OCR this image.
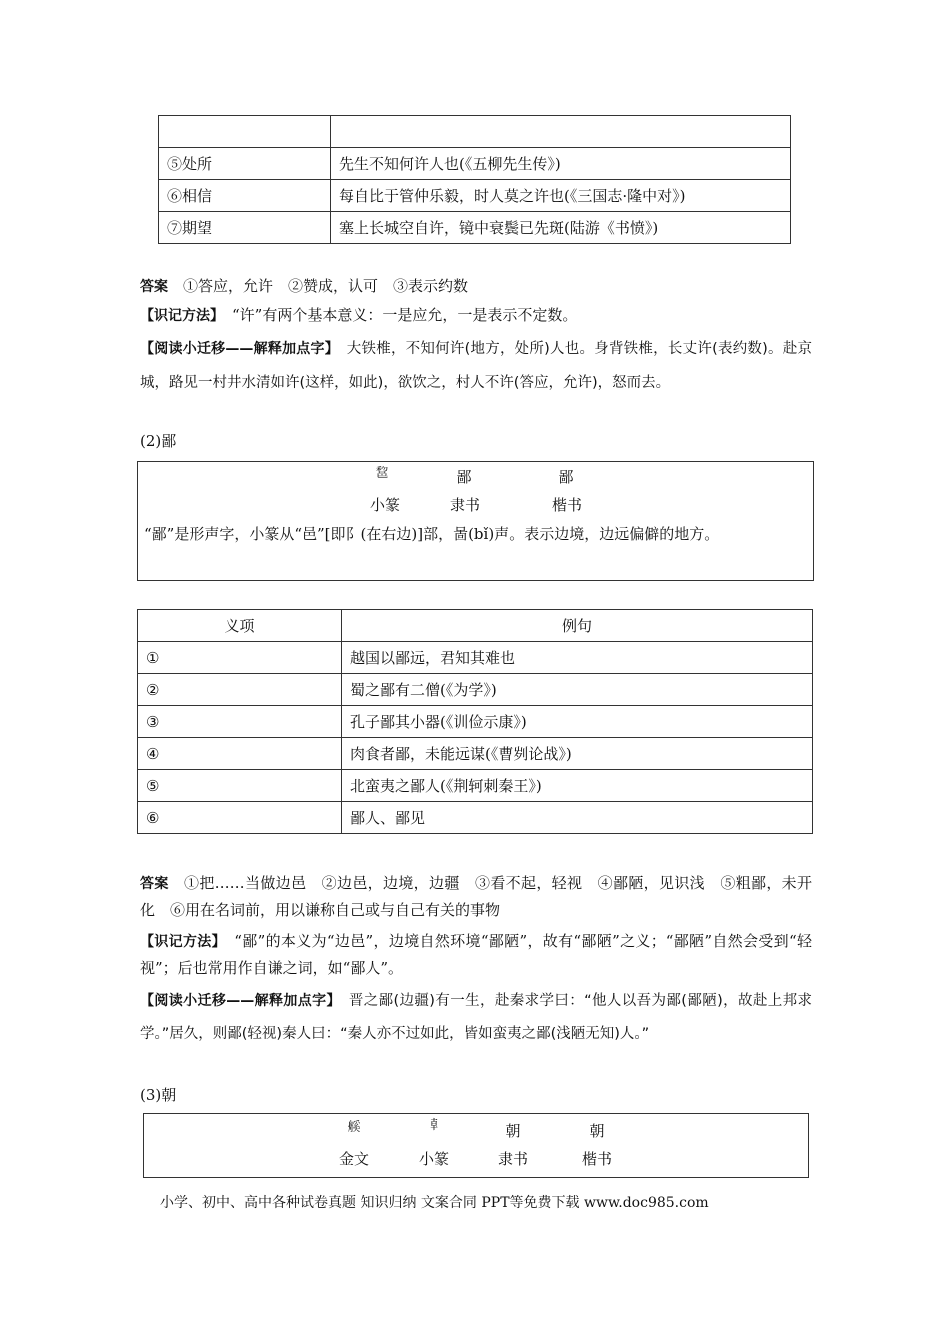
⑤处所	先生不知何许人也(《五柳先生传》)
⑥相信	每自比于管仲乐毅，时人莫之许也(《三国志·隆中对》)
⑦期望	塞上长城空自许，镜中衰鬓已先斑(陆游《书愤》)
答案　 ①答应，允许　②赞成，认可　③表示约数
【识记方法】　 “许”有两个基本意义：一是应允，一是表示不定数。
【阅读小迁移——解释加点字】　 大铁椎，不知何许(地方，处所)人也。身背铁椎，长丈许(表约数)。赴京城，路见一村井水清如许(这样，如此)，欲饮之，村人不许(答应，允许)，怒而去。
(2)鄙
𨛫	鄙	鄙
小篆	隶书	楷书
“鄙”是形声字，小篆从“邑”[即阝(在右边)]部，啚(bǐ)声。表示边境，边远偏僻的地方。
义项	例句
①	越国以鄙远，君知其难也
②	蜀之鄙有二僧(《为学》)
③	孔子鄙其小器(《训俭示康》)
④	肉食者鄙，未能远谋(《曹刿论战》)
⑤	北蛮夷之鄙人(《荆轲刺秦王》)
⑥	鄙人、鄙见
答案　 ①把……当做边邑　②边邑，边境，边疆　③看不起，轻视　④鄙陋，见识浅　⑤粗鄙，未开化　⑥用在名词前，用以谦称自己或与自己有关的事物
【识记方法】　 “鄙”的本义为“边邑”，边境自然环境“鄙陋”，故有“鄙陋”之义；“鄙陋”自然会受到“轻视”；后也常用作自谦之词，如“鄙人”。
【阅读小迁移——解释加点字】　 晋之鄙(边疆)有一生，赴秦求学曰：“他人以吾为鄙(鄙陋)，故赴上邦求学。”居久，则鄙(轻视)秦人曰：“秦人亦不过如此，皆如蛮夷之鄙(浅陋无知)人。”
(3)朝
𦩶	𠦝	朝	朝
金文	小篆	隶书	楷书
小学、初中、高中各种试卷真题 知识归纳 文案合同 PPT等免费下载 www.doc985.com
